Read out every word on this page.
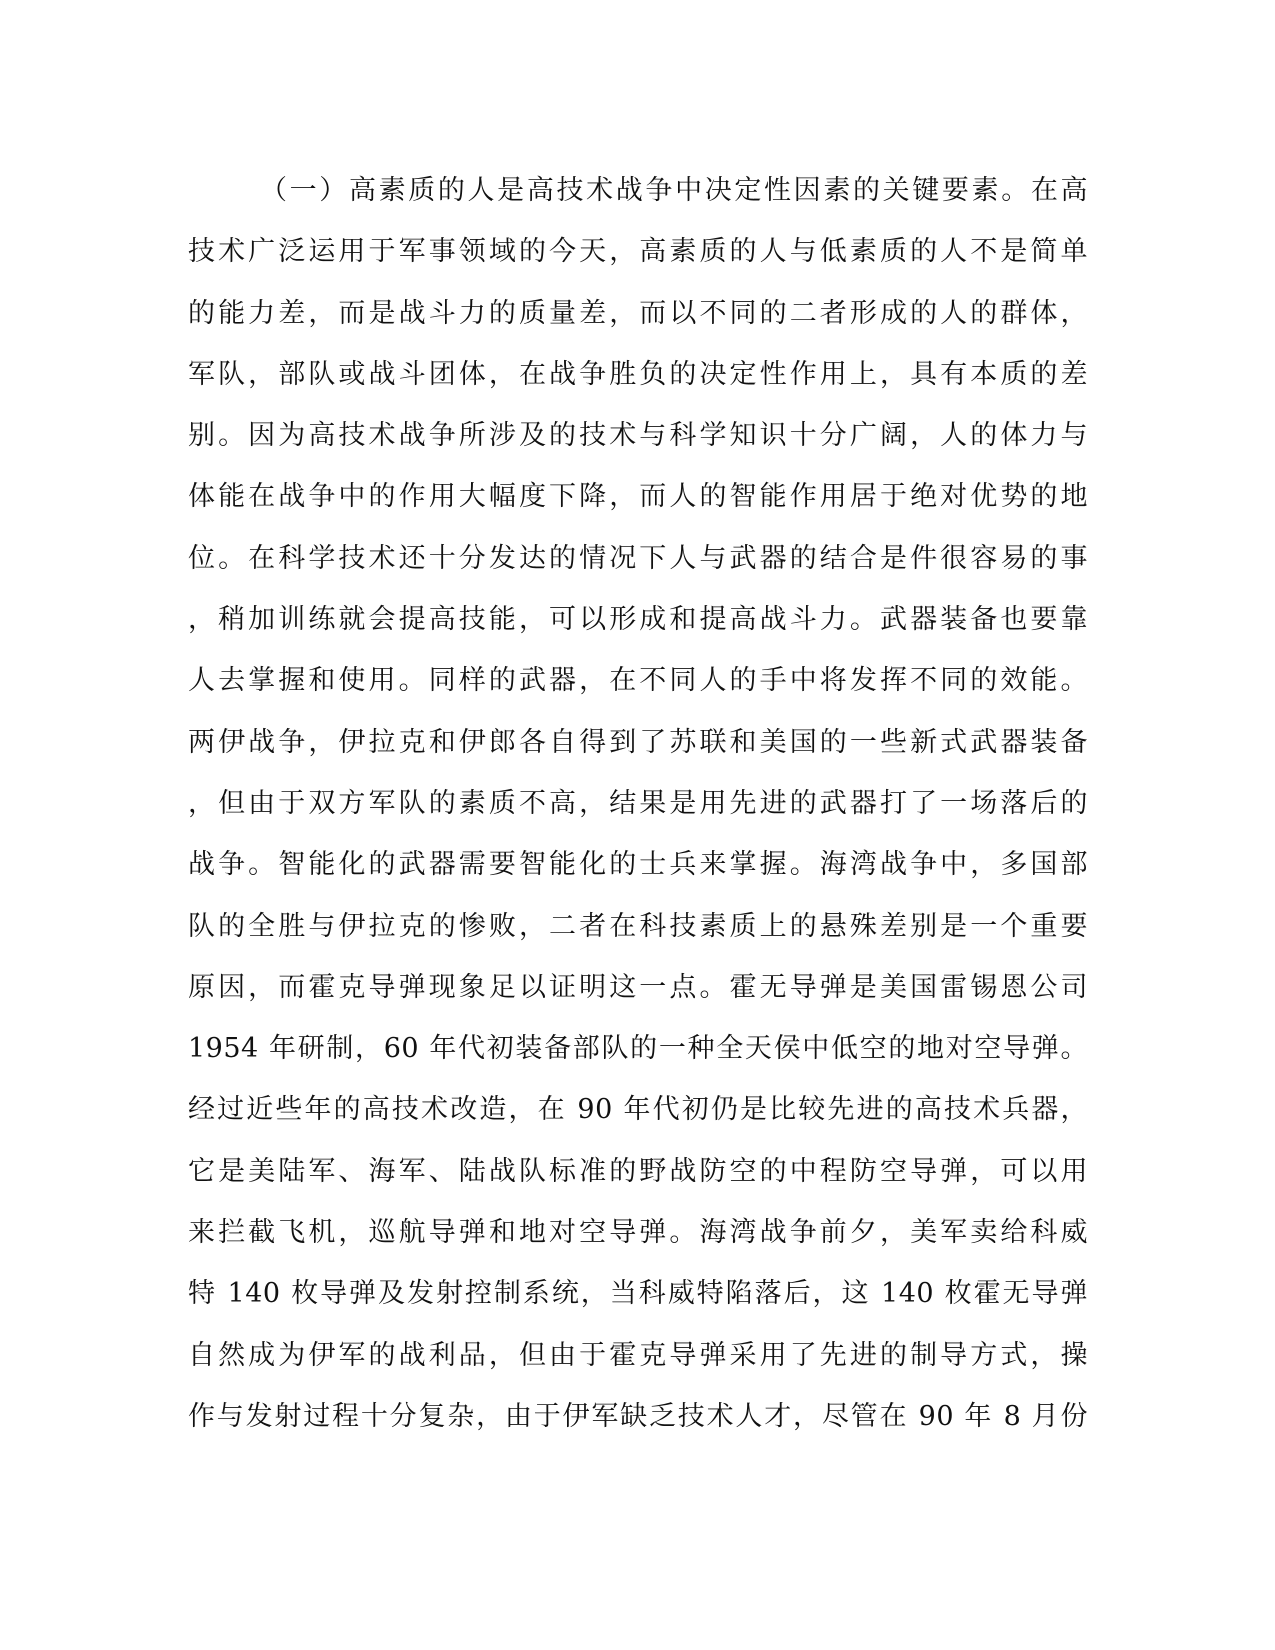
（一）高素质的人是高技术战争中决定性因素的关键要素。在高
技术广泛运用于军事领域的今天，高素质的人与低素质的人不是简单
的能力差，而是战斗力的质量差，而以不同的二者形成的人的群体，
军队，部队或战斗团体，在战争胜负的决定性作用上，具有本质的差
别。因为高技术战争所涉及的技术与科学知识十分广阔，人的体力与
体能在战争中的作用大幅度下降，而人的智能作用居于绝对优势的地
位。在科学技术还十分发达的情况下人与武器的结合是件很容易的事
，稍加训练就会提高技能，可以形成和提高战斗力。武器装备也要靠
人去掌握和使用。同样的武器，在不同人的手中将发挥不同的效能。
两伊战争，伊拉克和伊郎各自得到了苏联和美国的一些新式武器装备
，但由于双方军队的素质不高，结果是用先进的武器打了一场落后的
战争。智能化的武器需要智能化的士兵来掌握。海湾战争中，多国部
队的全胜与伊拉克的惨败，二者在科技素质上的悬殊差别是一个重要
原因，而霍克导弹现象足以证明这一点。霍无导弹是美国雷锡恩公司
1954 年研制，60 年代初装备部队的一种全天侯中低空的地对空导弹。
经过近些年的高技术改造，在 90 年代初仍是比较先进的高技术兵器，
它是美陆军、海军、陆战队标准的野战防空的中程防空导弹，可以用
来拦截飞机，巡航导弹和地对空导弹。海湾战争前夕，美军卖给科威
特 140 枚导弹及发射控制系统，当科威特陷落后，这 140 枚霍无导弹
自然成为伊军的战利品，但由于霍克导弹采用了先进的制导方式，操
作与发射过程十分复杂，由于伊军缺乏技术人才，尽管在 90 年 8 月份
